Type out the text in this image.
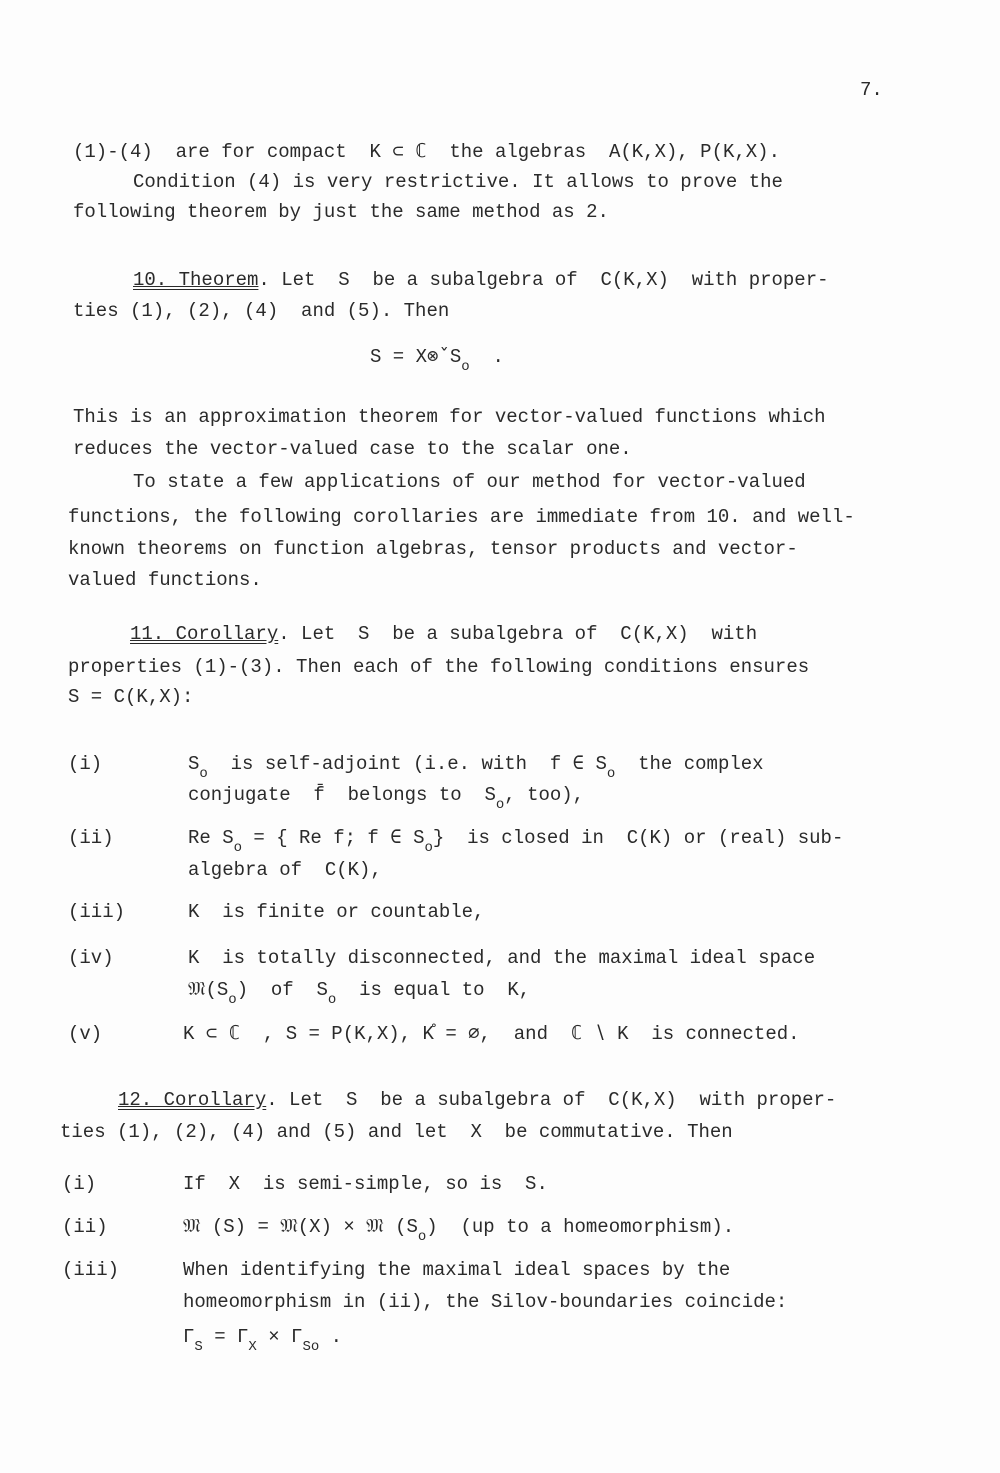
7.
(1)-(4)  are for compact  K ⊂ ℂ  the algebras  A(K,X), P(K,X).
Condition (4) is very restrictive. It allows to prove the
following theorem by just the same method as 2.
10. Theorem. Let  S  be a subalgebra of  C(K,X)  with proper-
ties (1), (2), (4)  and (5). Then
S = X⊗̌ $S_o$  .
This is an approximation theorem for vector-valued functions which
reduces the vector-valued case to the scalar one.
To state a few applications of our method for vector-valued
functions, the following corollaries are immediate from 10. and well-
known theorems on function algebras, tensor products and vector-
valued functions.
11. Corollary. Let  S  be a subalgebra of  C(K,X)  with
properties (1)-(3). Then each of the following conditions ensures
S = C(K,X):
(i)	$S_o$  is self-adjoint (i.e. with  f ∈ $S_o$  the complex
conjugate  f̄  belongs to  $S_o$, too),
(ii)	Re $S_o$ = { Re f; f ∈ $S_o$}  is closed in  C(K) or (real) sub-
algebra of  C(K),
(iii)	K  is finite or countable,
(iv)	K  is totally disconnected, and the maximal ideal space
$𝔐(S_o)$  of  $S_o$  is equal to  K,
(v)	K ⊂ ℂ  , S = P(K,X), K̊ = ∅,  and  ℂ ∖ K  is connected.
12. Corollary. Let  S  be a subalgebra of  C(K,X)  with proper-
ties (1), (2), (4) and (5) and let  X  be commutative. Then
(i)	If  X  is semi-simple, so is  S.
(ii)	𝔐 (S) = 𝔐(X) × 𝔐 $(S_o)$  (up to a homeomorphism).
(iii)	When identifying the maximal ideal spaces by the
homeomorphism in (ii), the Silov-boundaries coincide:
$\Gamma_S = \Gamma_X \times \Gamma_{So}$ .
